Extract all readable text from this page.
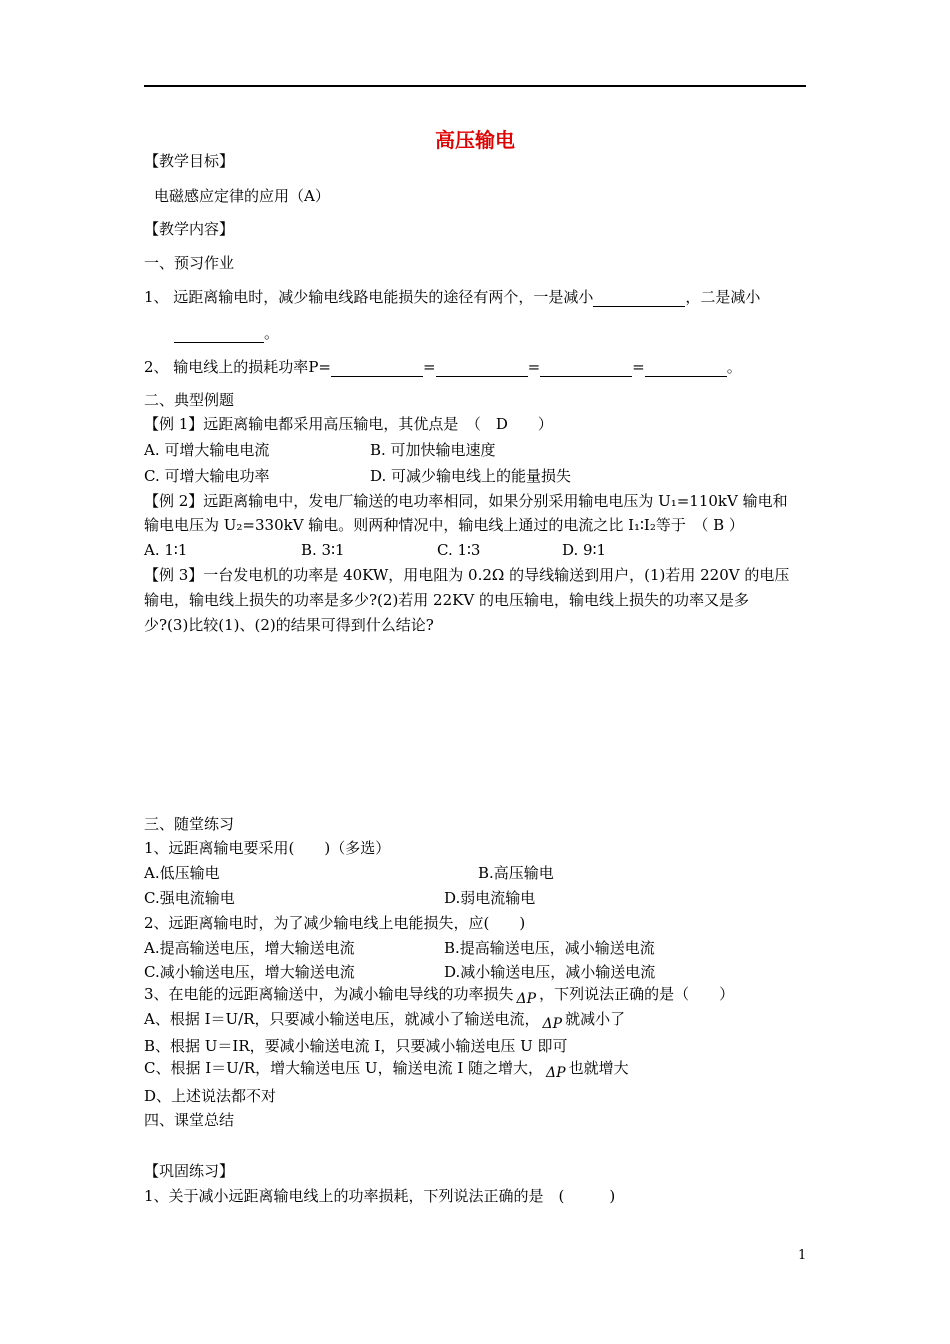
高压输电
【教学目标】
电磁感应定律的应用（A）
【教学内容】
一、预习作业
1、 远距离输电时，减少输电线路电能损失的途径有两个，一是减小	，二是减小
。
2、 输电线上的损耗功率P=	=	=	=	。
二、典型例题
【例 1】远距离输电都采用高压输电，其优点是　（　D　　）
A. 可增大输电电流	B. 可加快输电速度
C. 可增大输电功率	D. 可减少输电线上的能量损失
【例 2】远距离输电中，发电厂输送的电功率相同，如果分别采用输电电压为 U₁=110kV 输电和
输电电压为 U₂=330kV 输电。则两种情况中，输电线上通过的电流之比 I₁∶I₂等于　（ B ）
A. 1∶1	B. 3∶1	C. 1∶3	D. 9∶1
【例 3】一台发电机的功率是 40KW，用电阻为 0.2Ω 的导线输送到用户，(1)若用 220V 的电压
输电，输电线上损失的功率是多少?(2)若用 22KV 的电压输电，输电线上损失的功率又是多
少?(3)比较(1)、(2)的结果可得到什么结论?
三、随堂练习
1、远距离输电要采用(　　)（多选）
A.低压输电	B.高压输电
C.强电流输电	D.弱电流输电
2、远距离输电时，为了减少输电线上电能损失，应(　　)
A.提高输送电压，增大输送电流	B.提高输送电压，减小输送电流
C.减小输送电压，增大输送电流	D.减小输送电压，减小输送电流
3、在电能的远距离输送中，为减小输电导线的功率损失 ΔP ，下列说法正确的是（　　）
A、根据 I＝U/R，只要减小输送电压，就减小了输送电流， ΔP 就减小了
B、根据 U＝IR，要减小输送电流 I，只要减小输送电压 U 即可
C、根据 I＝U/R，增大输送电压 U，输送电流 I 随之增大， ΔP 也就增大
D、上述说法都不对
四、课堂总结
【巩固练习】
1、关于减小远距离输电线上的功率损耗，下列说法正确的是　(　　　)
1
